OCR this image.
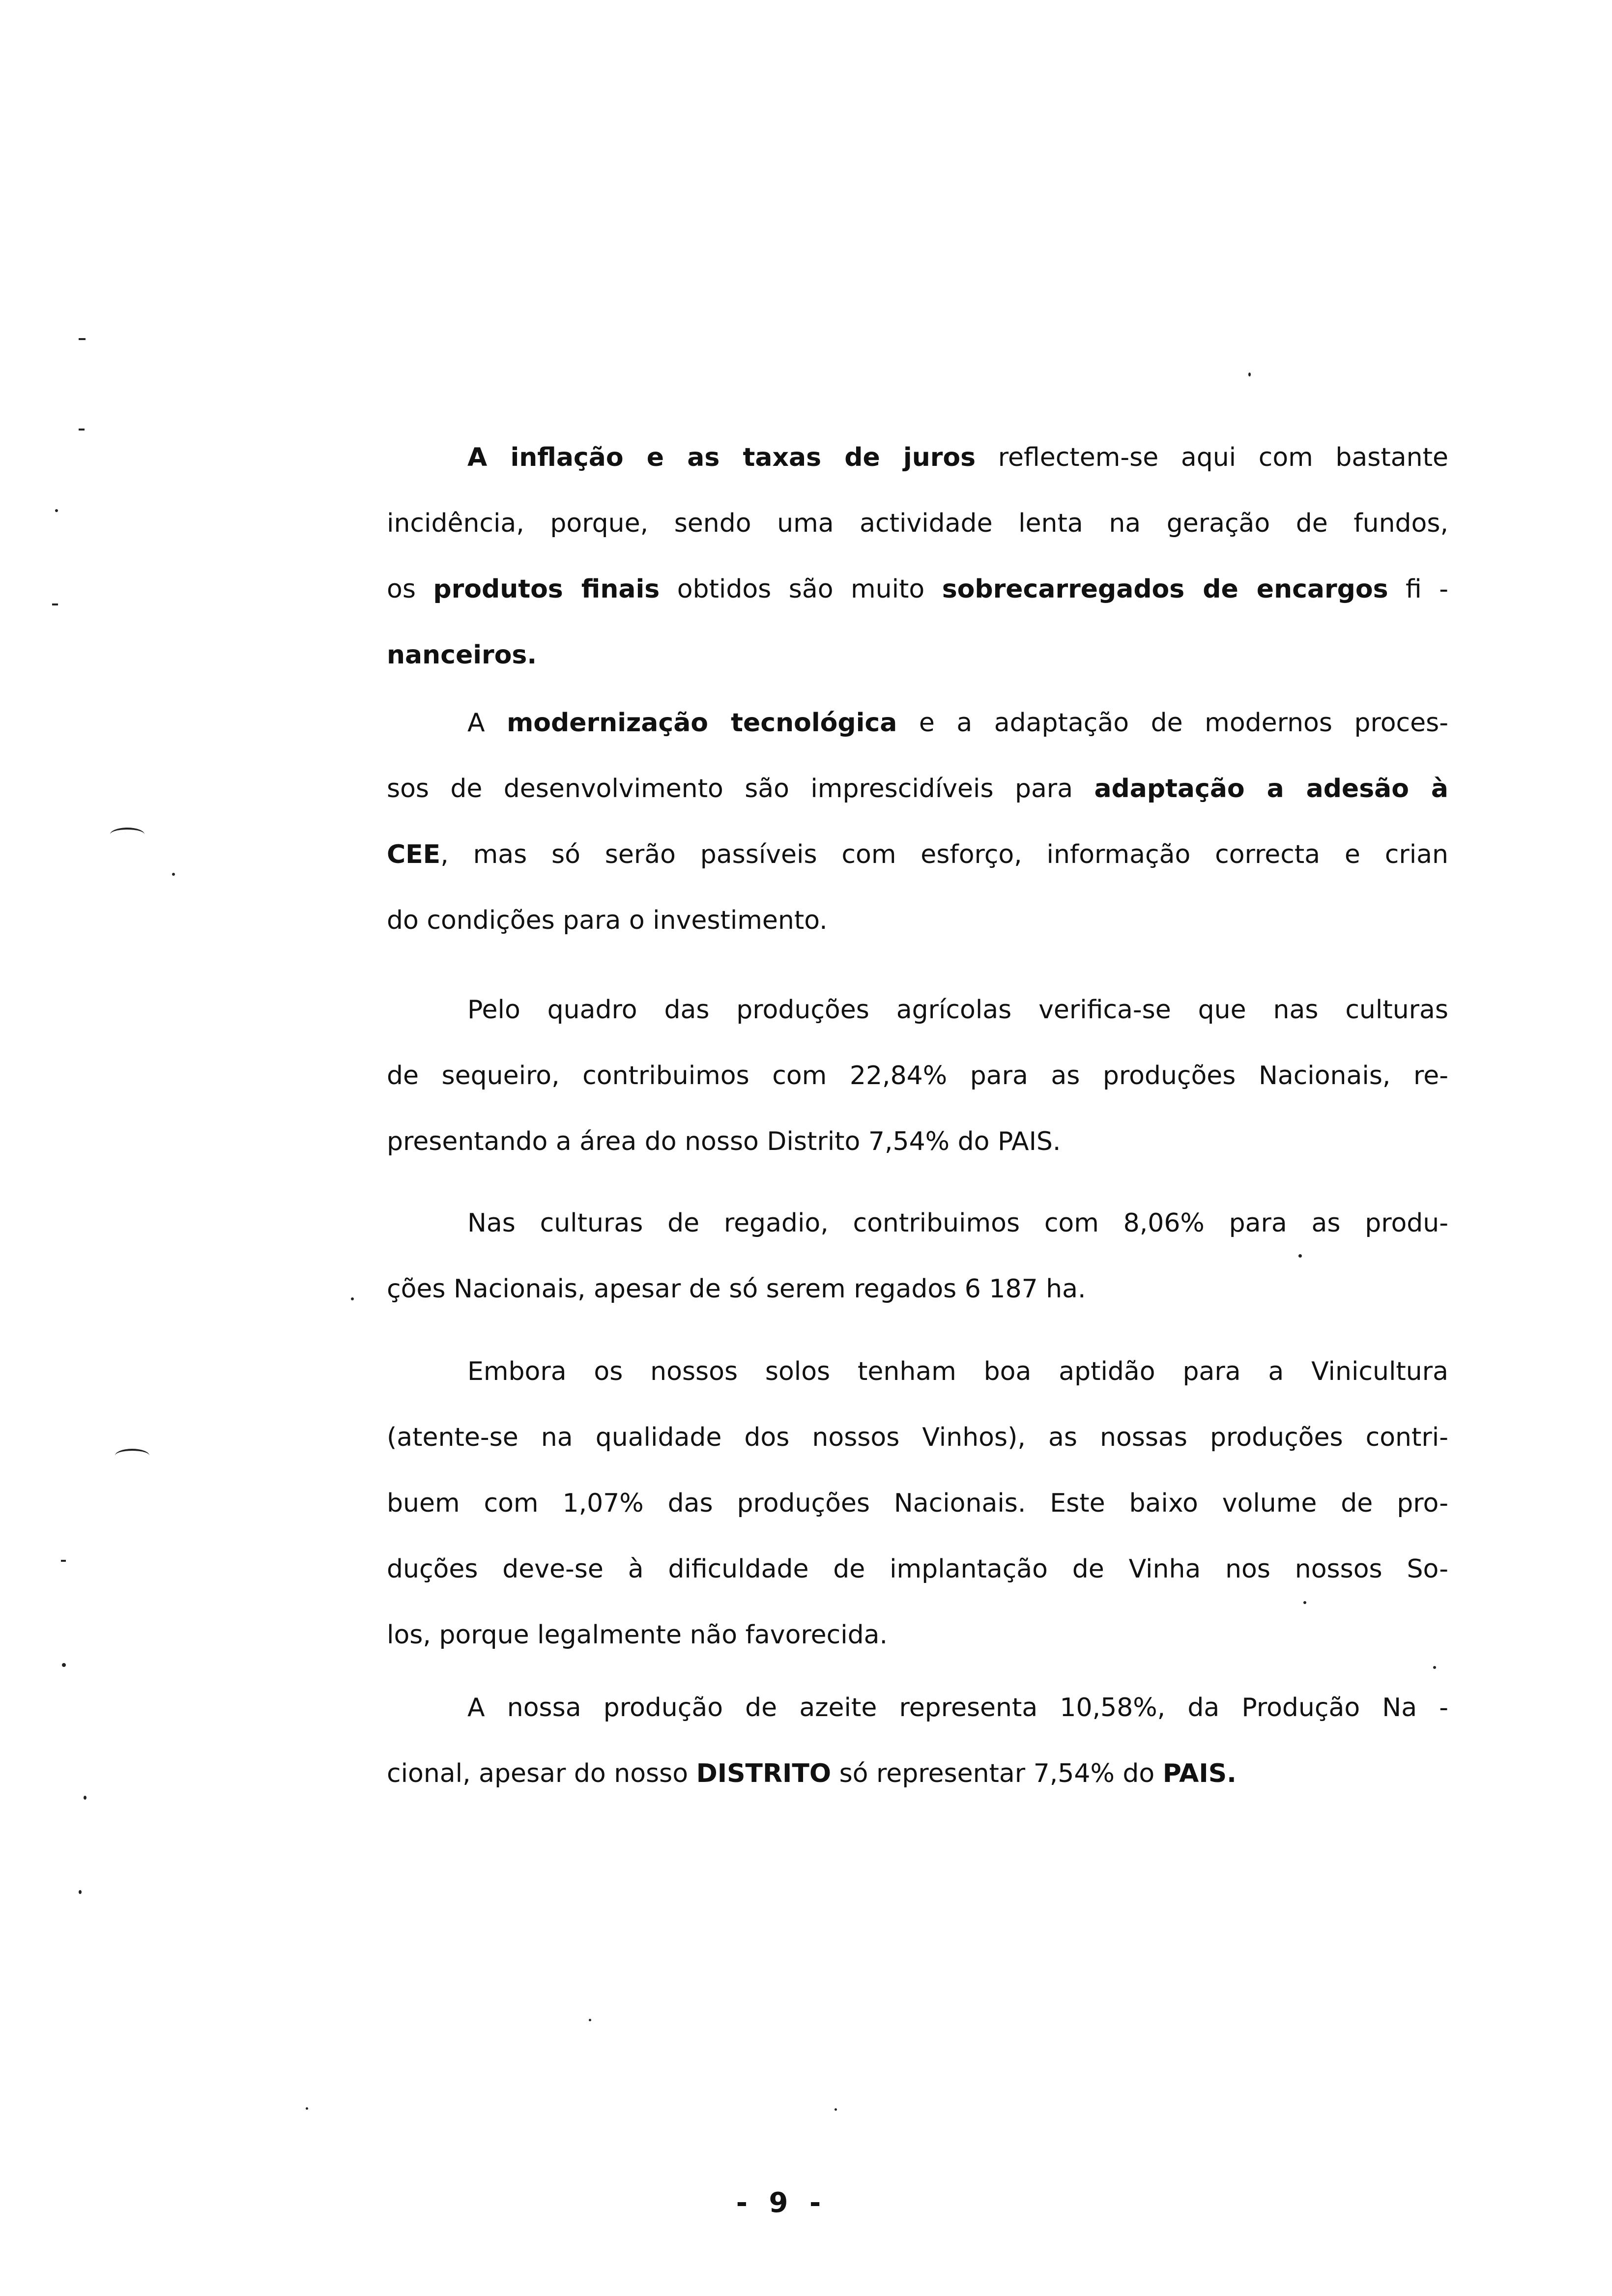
A inflação e as taxas de juros reflectem-se aqui com bastante
incidência, porque, sendo uma actividade lenta na geração de fundos,
os produtos finais obtidos são muito sobrecarregados de encargos fi -
nanceiros.
A modernização tecnológica e a adaptação de modernos proces-
sos de desenvolvimento são imprescidíveis para adaptação a adesão à
CEE, mas só serão passíveis com esforço, informação correcta e crian
do condições para o investimento.
Pelo quadro das produções agrícolas verifica-se que nas culturas
de sequeiro, contribuimos com 22,84% para as produções Nacionais, re-
presentando a área do nosso Distrito 7,54% do PAIS.
Nas culturas de regadio, contribuimos com 8,06% para as produ-
ções Nacionais, apesar de só serem regados 6 187 ha.
Embora os nossos solos tenham boa aptidão para a Vinicultura
(atente-se na qualidade dos nossos Vinhos), as nossas produções contri-
buem com 1,07% das produções Nacionais. Este baixo volume de pro-
duções deve-se à dificuldade de implantação de Vinha nos nossos So-
los, porque legalmente não favorecida.
A nossa produção de azeite representa 10,58%, da Produção Na -
cional, apesar do nosso DISTRITO só representar 7,54% do PAIS.
- 9 -
